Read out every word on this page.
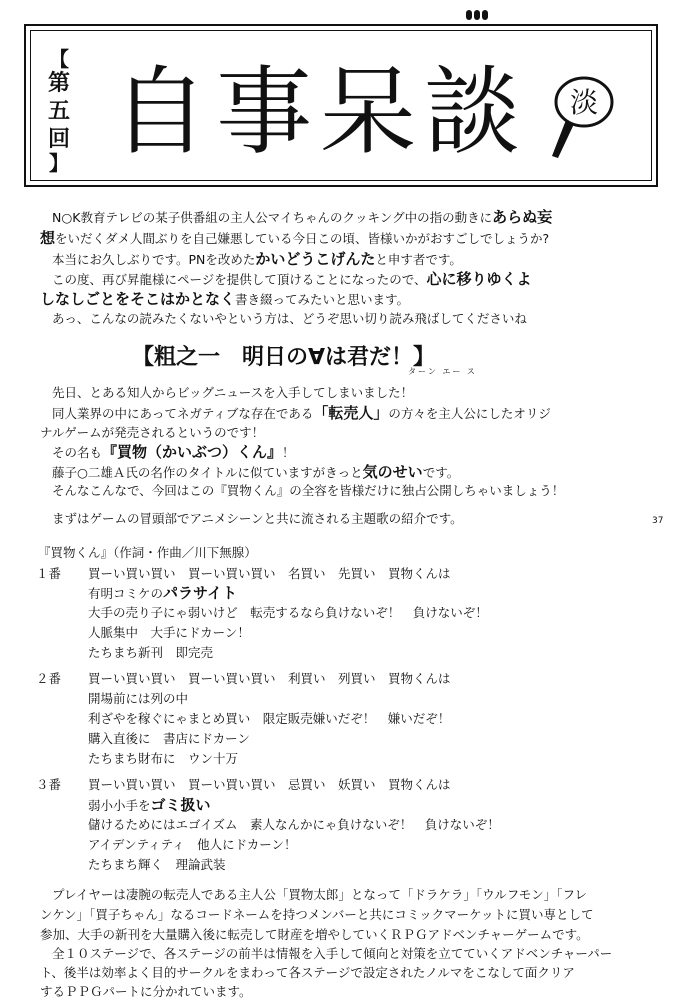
【
第
五
回
】 自事呆談 淡
N○K教育テレビの某子供番組の主人公マイちゃんのクッキング中の指の動きにあらぬ妄
想をいだくダメ人間ぶりを自己嫌悪している今日この頃、皆様いかがおすごしでしょうか?
本当にお久しぶりです。PNを改めたかいどうこげんたと申す者です。
この度、再び昇龍様にページを提供して頂けることになったので、心に移りゆくよ
しなしごとをそこはかとなく書き綴ってみたいと思います。
あっ、こんなの読みたくないやという方は、どうぞ思い切り読み飛ばしてくださいね
【粗之一　明日の∀は君だ！】
ターン エー ス
先日、とある知人からビッグニュースを入手してしまいました！
同人業界の中にあってネガティブな存在である「転売人」の方々を主人公にしたオリジ
ナルゲームが発売されるというのです！
その名も『買物（かいぶつ）くん』！
藤子○二雄Ａ氏の名作のタイトルに似ていますがきっと気のせいです。
そんなこんなで、今回はこの『買物くん』の全容を皆様だけに独占公開しちゃいましょう！
まずはゲームの冒頭部でアニメシーンと共に流される主題歌の紹介です。	37
『買物くん』（作詞・作曲／川下無腺）
１番	買ーい買い買い　買ーい買い買い　名買い　先買い　買物くんは
有明コミケのパラサイト
大手の売り子にゃ弱いけど　転売するなら負けないぞ！　負けないぞ！
人脈集中　大手にドカーン！
たちまち新刊　即完売
２番	買ーい買い買い　買ーい買い買い　利買い　列買い　買物くんは
開場前には列の中
利ざやを稼ぐにゃまとめ買い　限定販売嫌いだぞ！　嫌いだぞ！
購入直後に　書店にドカーン
たちまち財布に　ウン十万
３番	買ーい買い買い　買ーい買い買い　忌買い　妖買い　買物くんは
弱小小手をゴミ扱い
儲けるためにはエゴイズム　素人なんかにゃ負けないぞ！　負けないぞ！
アイデンティティ　他人にドカーン！
たちまち輝く　理論武装
プレイヤーは凄腕の転売人である主人公「買物太郎」となって「ドラケラ」「ウルフモン」「フレ
ンケン」「買子ちゃん」なるコードネームを持つメンバーと共にコミックマーケットに買い専として
参加、大手の新刊を大量購入後に転売して財産を増やしていくＲＰＧアドベンチャーゲームです。
全１０ステージで、各ステージの前半は情報を入手して傾向と対策を立てていくアドベンチャーパー
ト、後半は効率よく目的サークルをまわって各ステージで設定されたノルマをこなして面クリア
するＰＰＧパートに分かれています。
